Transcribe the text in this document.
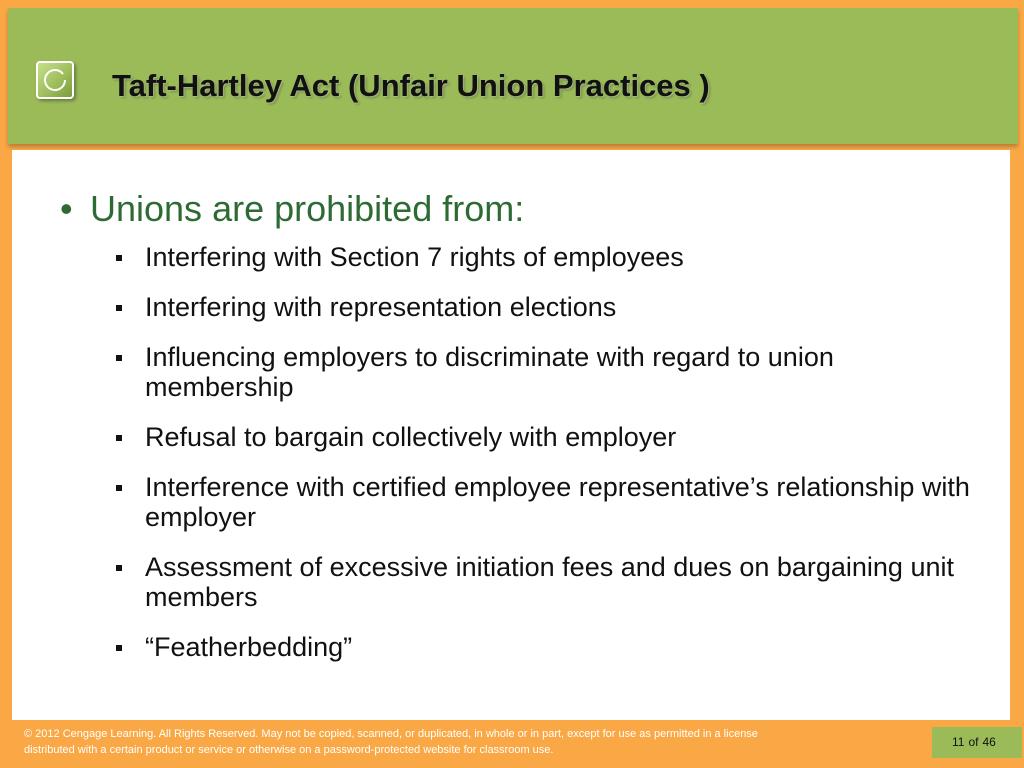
Taft-Hartley Act (Unfair Union Practices )
• Unions are prohibited from:
Interfering with Section 7 rights of employees
Interfering with representation elections
Influencing employers to discriminate with regard to union membership
Refusal to bargain collectively with employer
Interference with certified employee representative’s relationship with employer
Assessment of excessive initiation fees and dues on bargaining unit members
“Featherbedding”
© 2012 Cengage Learning. All Rights Reserved. May not be copied, scanned, or duplicated, in whole or in part, except for use as permitted in a license distributed with a certain product or service or otherwise on a password-protected website for classroom use.
11 of 46
